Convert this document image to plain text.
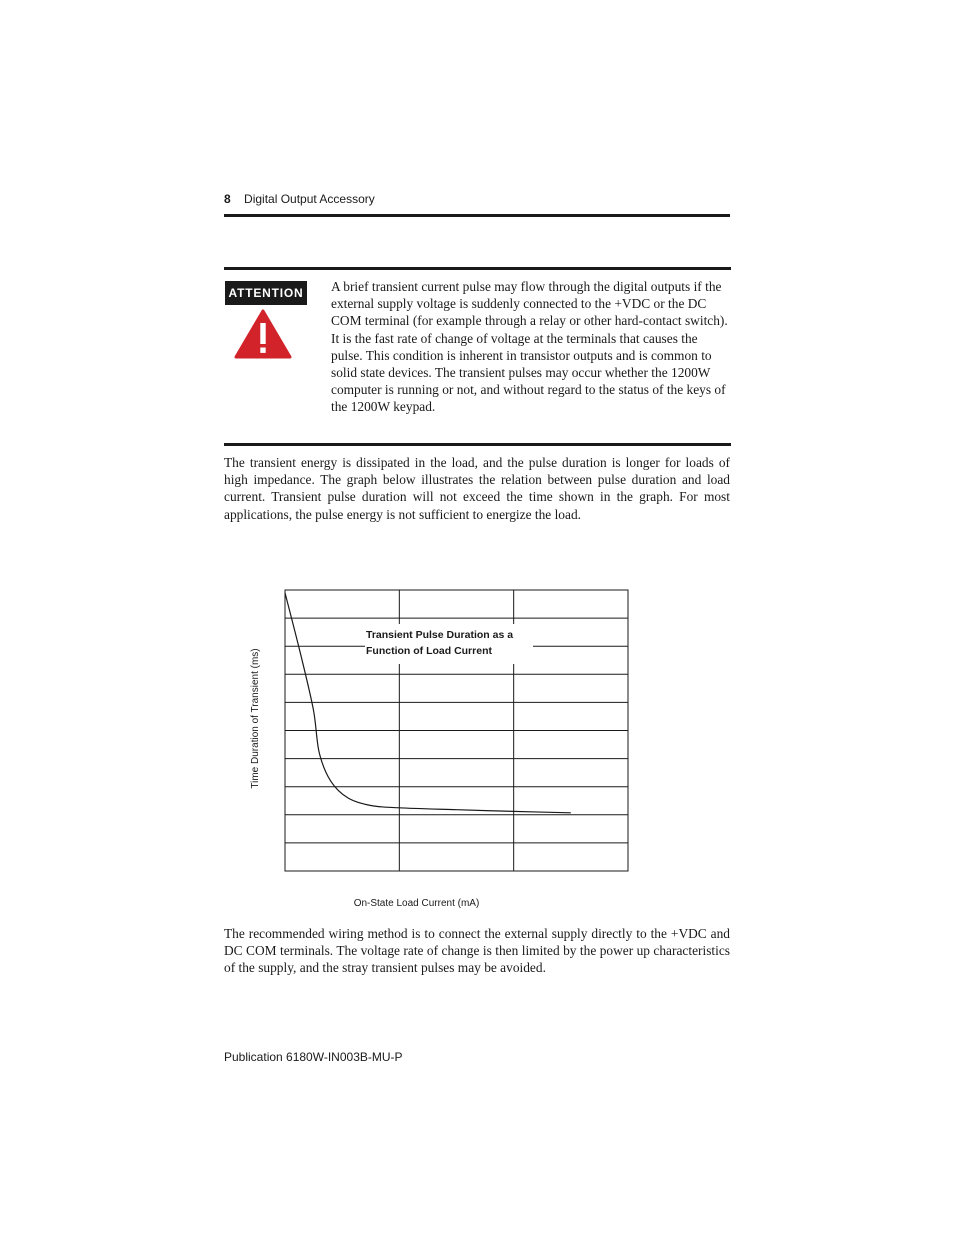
8 Digital Output Accessory
ATTENTION A brief transient current pulse may flow through the digital outputs if the external supply voltage is suddenly connected to the +VDC or the DC COM terminal (for example through a relay or other hard-contact switch). It is the fast rate of change of voltage at the terminals that causes the pulse. This condition is inherent in transistor outputs and is common to solid state devices. The transient pulses may occur whether the 1200W computer is running or not, and without regard to the status of the keys of the 1200W keypad.

The transient energy is dissipated in the load, and the pulse duration is longer for loads of high impedance. The graph below illustrates the relation between pulse duration and load current. Transient pulse duration will not exceed the time shown in the graph. For most applications, the pulse energy is not sufficient to energize the load.

Transient Pulse Duration as a
Function of Load Current
On-State Load Current (mA)
Time Duration of Transient (ms)

The recommended wiring method is to connect the external supply directly to the +VDC and DC COM terminals. The voltage rate of change is then limited by the power up characteristics of the supply, and the stray transient pulses may be avoided.

Publication 6180W-IN003B-MU-P
